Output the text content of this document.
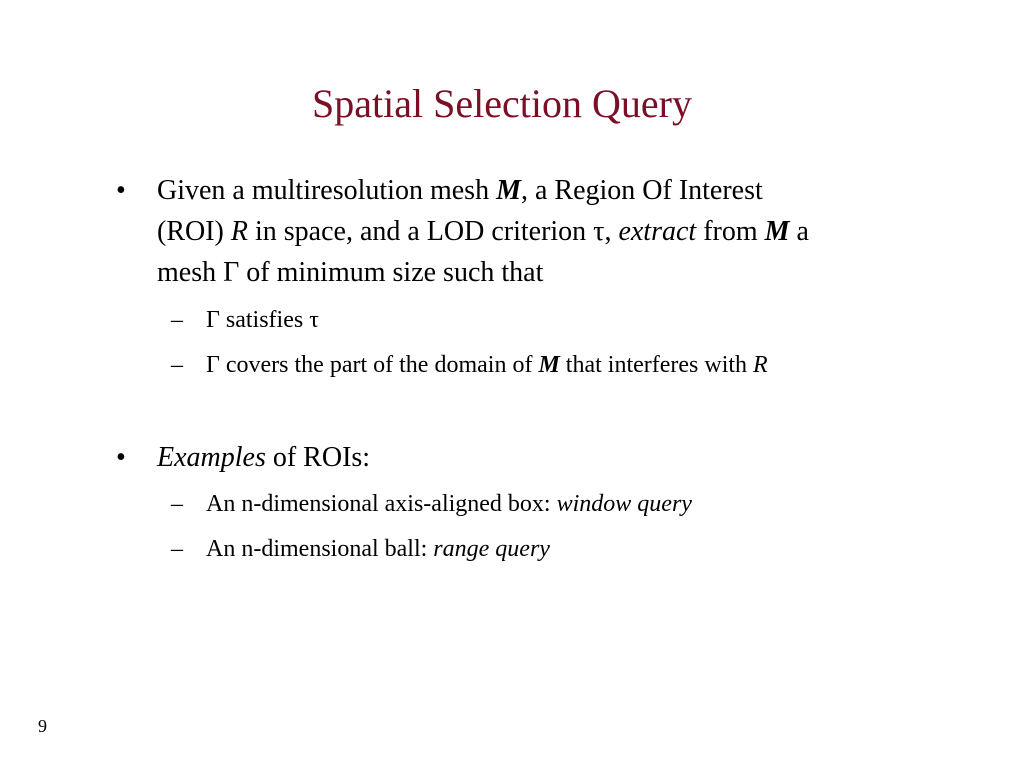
Spatial Selection Query
• Given a multiresolution mesh M, a Region Of Interest
(ROI) R in space, and a LOD criterion τ, extract from M a
mesh Γ of minimum size such that
– Γ satisfies τ
– Γ covers the part of the domain of M that interferes with R
• Examples of ROIs:
– An n-dimensional axis-aligned box: window query
– An n-dimensional ball: range query
9
